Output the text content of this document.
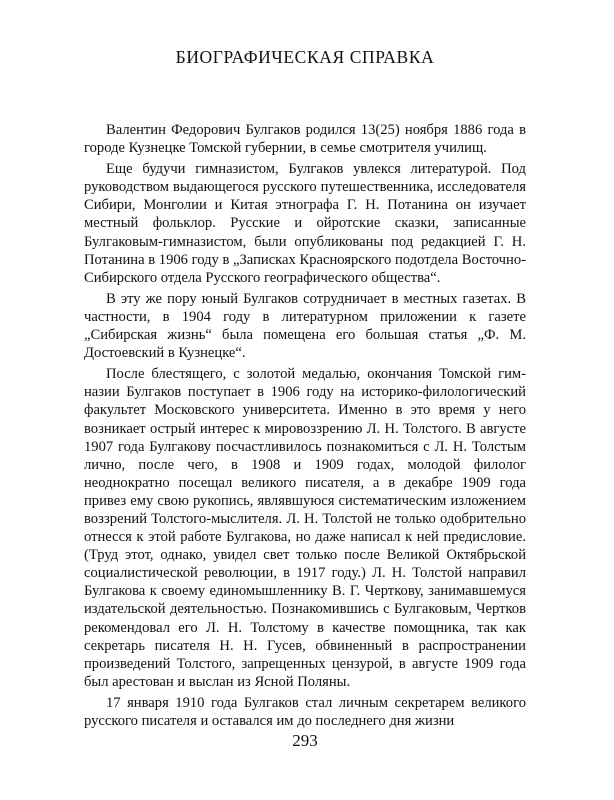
БИОГРАФИЧЕСКАЯ СПРАВКА

Валентин Федорович Булгаков родился 13(25) ноября 1886 года в городе Кузнецке Томской губернии, в семье смотрителя училищ.

Еще будучи гимназистом, Булгаков увлекся литературой. Под руководством выдающегося русского путешественника, исследователя Сибири, Монголии и Китая этнографа Г. Н. Потанина он изучает местный фольклор. Русские и ойротские сказки, записанные Булгаковым-гимназистом, были опубликованы под редакцией Г. Н. Потанина в 1906 году в „Записках Красноярского подотдела Восточно-Сибирского отдела Русского географического общества“.

В эту же пору юный Булгаков сотрудничает в местных газетах. В частности, в 1904 году в литературном приложении к газете „Сибирская жизнь“ была помещена его большая статья „Ф. М. Достоевский в Кузнецке“.

После блестящего, с золотой медалью, окончания Томской гимназии Булгаков поступает в 1906 году на историко-филологический факультет Московского университета. Именно в это время у него возникает острый интерес к мировоззрению Л. Н. Толстого. В августе 1907 года Булгакову посчастливилось познакомиться с Л. Н. Толстым лично, после чего, в 1908 и 1909 годах, молодой филолог неоднократно посещал великого писателя, а в декабре 1909 года привез ему свою рукопись, являвшуюся систематическим изложением воззрений Толстого-мыслителя. Л. Н. Толстой не только одобрительно отнесся к этой работе Булгакова, но даже написал к ней предисловие. (Труд этот, однако, увидел свет только после Великой Октябрьской социалистической революции, в 1917 году.) Л. Н. Толстой направил Булгакова к своему единомышленнику В. Г. Черткову, занимавшемуся издательской деятельностью. Познакомившись с Булгаковым, Чертков рекомендовал его Л. Н. Толстому в качестве помощника, так как секретарь писателя Н. Н. Гусев, обвиненный в распространении произведений Толстого, запрещенных цензурой, в августе 1909 года был арестован и выслан из Ясной Поляны.

17 января 1910 года Булгаков стал личным секретарем великого русского писателя и оставался им до последнего дня жизни

293
